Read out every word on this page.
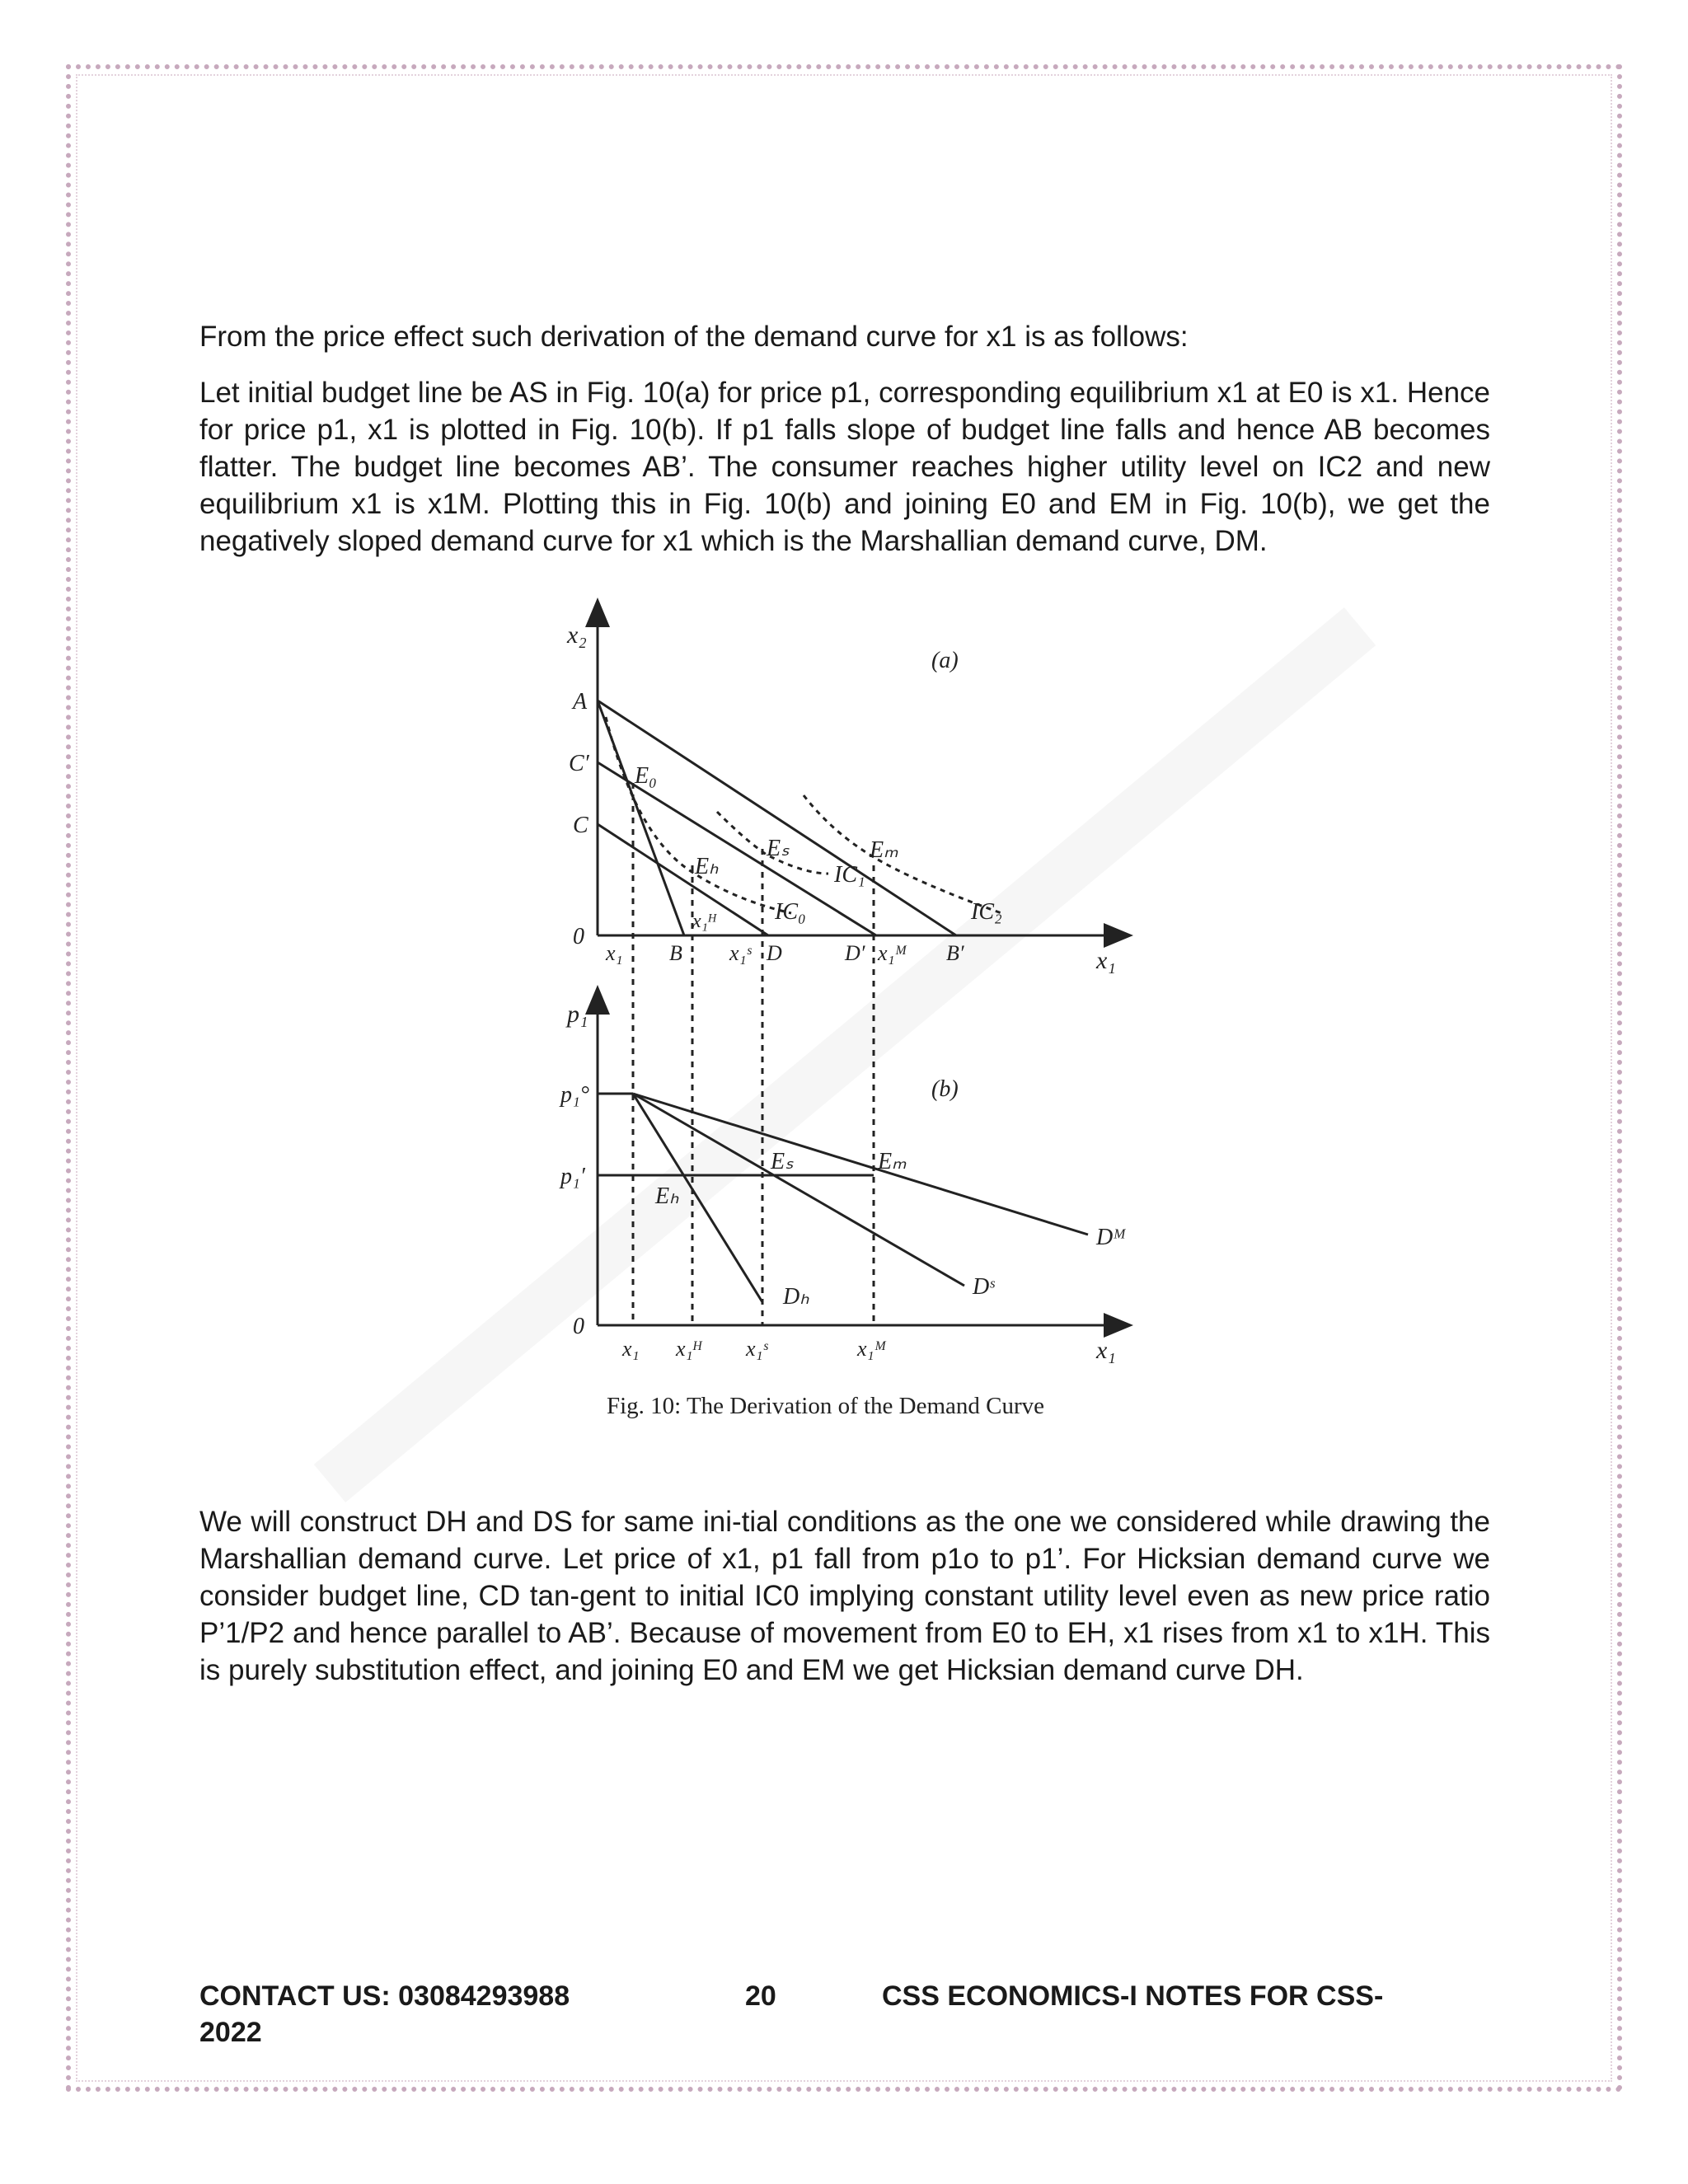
From the price effect such derivation of the demand curve for x1 is as follows:

Let initial budget line be AS in Fig. 10(a) for price p1, corresponding equilibrium x1 at E0 is x1. Hence for price p1, x1 is plotted in Fig. 10(b). If p1 falls slope of budget line falls and hence AB becomes flatter. The budget line becomes AB’. The consumer reaches higher utility level on IC2 and new equilibrium x1 is x1M. Plotting this in Fig. 10(b) and joining E0 and EM in Fig. 10(b), we get the negatively sloped demand curve for x1 which is the Marshallian demand curve, DM.

x₂
x₁
0
(a)
A
C′
C
E₀
Eₕ
Eₛ	Eₘ
IC₀
IC₁
IC₂
x₁ B
x₁ᴴ
x₁ˢ D	D′ x₁ᴹ B′
p₁
x₁
0
(b)
p₁°
p₁′
Eₕ
Eₛ	Eₘ
Dₕ	Dˢ
Dᴹ
x₁ x₁ᴴ x₁ˢ	x₁ᴹ
Fig. 10: The Derivation of the Demand Curve

We will construct DH and DS for same ini-tial conditions as the one we considered while drawing the Marshallian demand curve. Let price of x1, p1 fall from p1o to p1’. For Hicksian demand curve we consider budget line, CD tan-gent to initial IC0 implying constant utility level even as new price ratio P’1/P2 and hence parallel to AB’. Because of movement from E0 to EH, x1 rises from x1 to x1H. This is purely substitution effect, and joining E0 and EM we get Hicksian demand curve DH.

CONTACT US: 03084293988	20	CSS ECONOMICS-I NOTES FOR CSS-
2022
